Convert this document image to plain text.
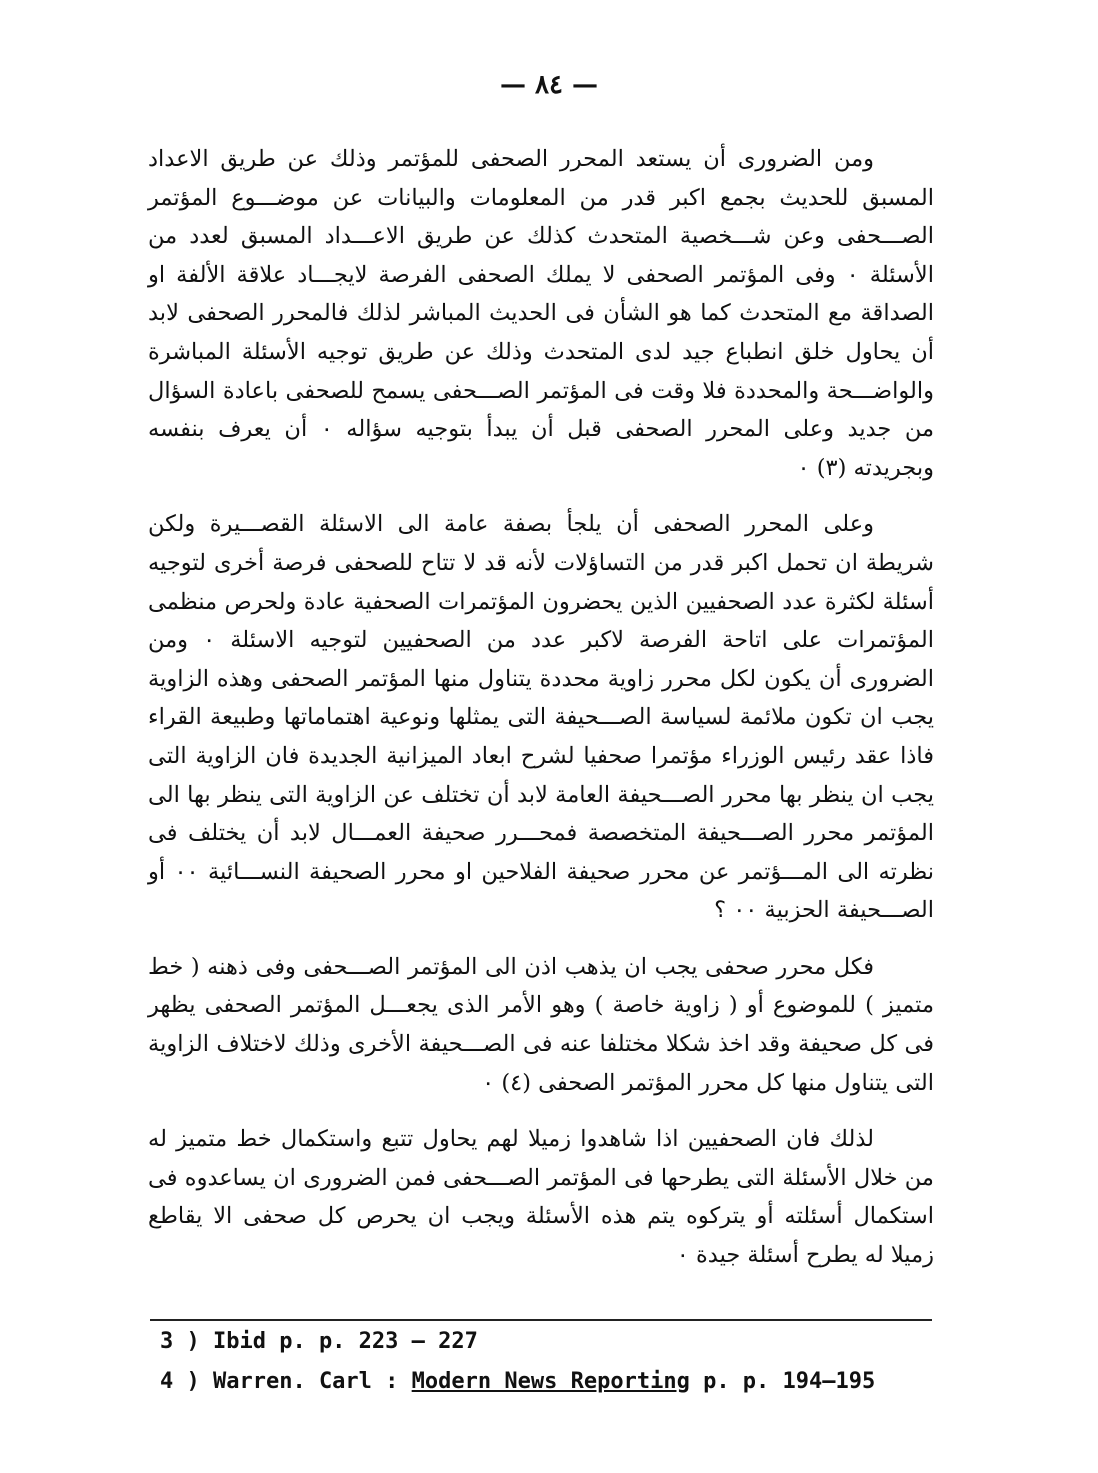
— ٨٤ —

ومن الضرورى أن يستعد المحرر الصحفى للمؤتمر وذلك عن طريق الاعداد المسبق للحديث بجمع اكبر قدر من المعلومات والبيانات عن موضـــوع المؤتمر الصـــحفى وعن شـــخصية المتحدث كذلك عن طريق الاعـــداد المسبق لعدد من الأسئلة ٠ وفى المؤتمر الصحفى لا يملك الصحفى الفرصة لايجـــاد علاقة الألفة او الصداقة مع المتحدث كما هو الشأن فى الحديث المباشر لذلك فالمحرر الصحفى لابد أن يحاول خلق انطباع جيد لدى المتحدث وذلك عن طريق توجيه الأسئلة المباشرة والواضـــحة والمحددة فلا وقت فى المؤتمر الصـــحفى يسمح للصحفى باعادة السؤال من جديد وعلى المحرر الصحفى قبل أن يبدأ بتوجيه سؤاله ٠ أن يعرف بنفسه وبجريدته (٣) ٠

وعلى المحرر الصحفى أن يلجأ بصفة عامة الى الاسئلة القصـــيرة ولكن شريطة ان تحمل اكبر قدر من التساؤلات لأنه قد لا تتاح للصحفى فرصة أخرى لتوجيه أسئلة لكثرة عدد الصحفيين الذين يحضرون المؤتمرات الصحفية عادة ولحرص منظمى المؤتمرات على اتاحة الفرصة لاكبر عدد من الصحفيين لتوجيه الاسئلة ٠ ومن الضرورى أن يكون لكل محرر زاوية محددة يتناول منها المؤتمر الصحفى وهذه الزاوية يجب ان تكون ملائمة لسياسة الصـــحيفة التى يمثلها ونوعية اهتماماتها وطبيعة القراء فاذا عقد رئيس الوزراء مؤتمرا صحفيا لشرح ابعاد الميزانية الجديدة فان الزاوية التى يجب ان ينظر بها محرر الصـــحيفة العامة لابد أن تختلف عن الزاوية التى ينظر بها الى المؤتمر محرر الصـــحيفة المتخصصة فمحـــرر صحيفة العمـــال لابد أن يختلف فى نظرته الى المـــؤتمر عن محرر صحيفة الفلاحين او محرر الصحيفة النســـائية ٠٠ أو الصـــحيفة الحزبية ٠٠ ؟

فكل محرر صحفى يجب ان يذهب اذن الى المؤتمر الصـــحفى وفى ذهنه ( خط متميز ) للموضوع أو ( زاوية خاصة ) وهو الأمر الذى يجعـــل المؤتمر الصحفى يظهر فى كل صحيفة وقد اخذ شكلا مختلفا عنه فى الصـــحيفة الأخرى وذلك لاختلاف الزاوية التى يتناول منها كل محرر المؤتمر الصحفى (٤) ٠

لذلك فان الصحفيين اذا شاهدوا زميلا لهم يحاول تتبع واستكمال خط متميز له من خلال الأسئلة التى يطرحها فى المؤتمر الصـــحفى فمن الضرورى ان يساعدوه فى استكمال أسئلته أو يتركوه يتم هذه الأسئلة ويجب ان يحرص كل صحفى الا يقاطع زميلا له يطرح أسئلة جيدة ٠

3 ) Ibid p. p. 223 — 227
4 ) Warren. Carl : Modern News Reporting p. p. 194—195
